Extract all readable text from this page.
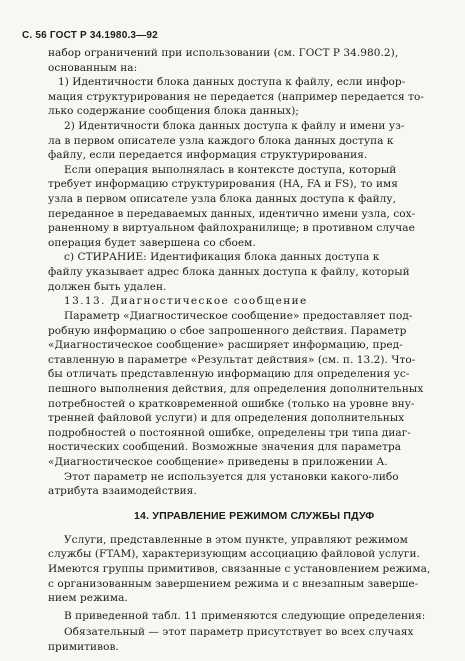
С. 56 ГОСТ Р 34.1980.3—92
набор ограничений при использовании (см. ГОСТ Р 34.980.2),
основанным на:
1) Идентичности блока данных доступа к файлу, если инфор-
мация структурирования не передается (например передается то-
лько содержание сообщения блока данных);
2) Идентичности блока данных доступа к файлу и имени уз-
ла в первом описателе узла каждого блока данных доступа к
файлу, если передается информация структурирования.
Если операция выполнялась в контексте доступа, который
требует информацию структурирования (НА, FA и FS), то имя
узла в первом описателе узла блока данных доступа к файлу,
переданное в передаваемых данных, идентично имени узла, сох-
раненному в виртуальном файлохранилище; в противном случае
операция будет завершена со сбоем.
с) СТИРАНИЕ: Идентификация блока данных доступа к
файлу указывает адрес блока данных доступа к файлу, который
должен быть удален.
13.13. Диагностическое сообщение
Параметр «Диагностическое сообщение» предоставляет под-
робную информацию о сбое запрошенного действия. Параметр
«Диагностическое сообщение» расширяет информацию, пред-
ставленную в параметре «Результат действия» (см. п. 13.2). Что-
бы отличать представленную информацию для определения ус-
пешного выполнения действия, для определения дополнительных
потребностей о кратковременной ошибке (только на уровне вну-
тренней файловой услуги) и для определения дополнительных
подробностей о постоянной ошибке, определены три типа диаг-
ностических сообщений. Возможные значения для параметра
«Диагностическое сообщение» приведены в приложении А.
Этот параметр не используется для установки какого-либо
атрибута взаимодействия.
14. УПРАВЛЕНИЕ РЕЖИМОМ СЛУЖБЫ ПДУФ
Услуги, представленные в этом пункте, управляют режимом
службы (FTAM), характеризующим ассоциацию файловой услуги.
Имеются группы примитивов, связанные с установлением режима,
с организованным завершением режима и с внезапным заверше-
нием режима.
В приведенной табл. 11 применяются следующие определения:
Обязательный — этот параметр присутствует во всех случаях
примитивов.
